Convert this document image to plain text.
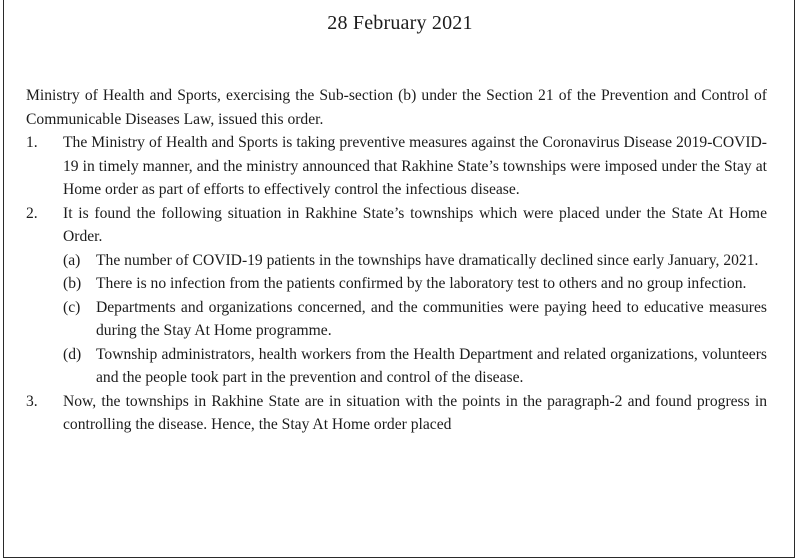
28 February 2021

Ministry of Health and Sports, exercising the Sub-section (b) under the Section 21 of the Prevention and Control of Communicable Diseases Law, issued this order.

1. The Ministry of Health and Sports is taking preventive measures against the Coronavirus Disease 2019-COVID-19 in timely manner, and the ministry announced that Rakhine State’s townships were imposed under the Stay at Home order as part of efforts to effectively control the infectious disease.
2. It is found the following situation in Rakhine State’s townships which were placed under the State At Home Order.
(a) The number of COVID-19 patients in the townships have dramatically declined since early January, 2021.
(b) There is no infection from the patients confirmed by the laboratory test to others and no group infection.
(c) Departments and organizations concerned, and the communities were paying heed to educative measures during the Stay At Home programme.
(d) Township administrators, health workers from the Health Department and related organizations, volunteers and the people took part in the prevention and control of the disease.
3. Now, the townships in Rakhine State are in situation with the points in the paragraph-2 and found progress in controlling the disease. Hence, the Stay At Home order placed
